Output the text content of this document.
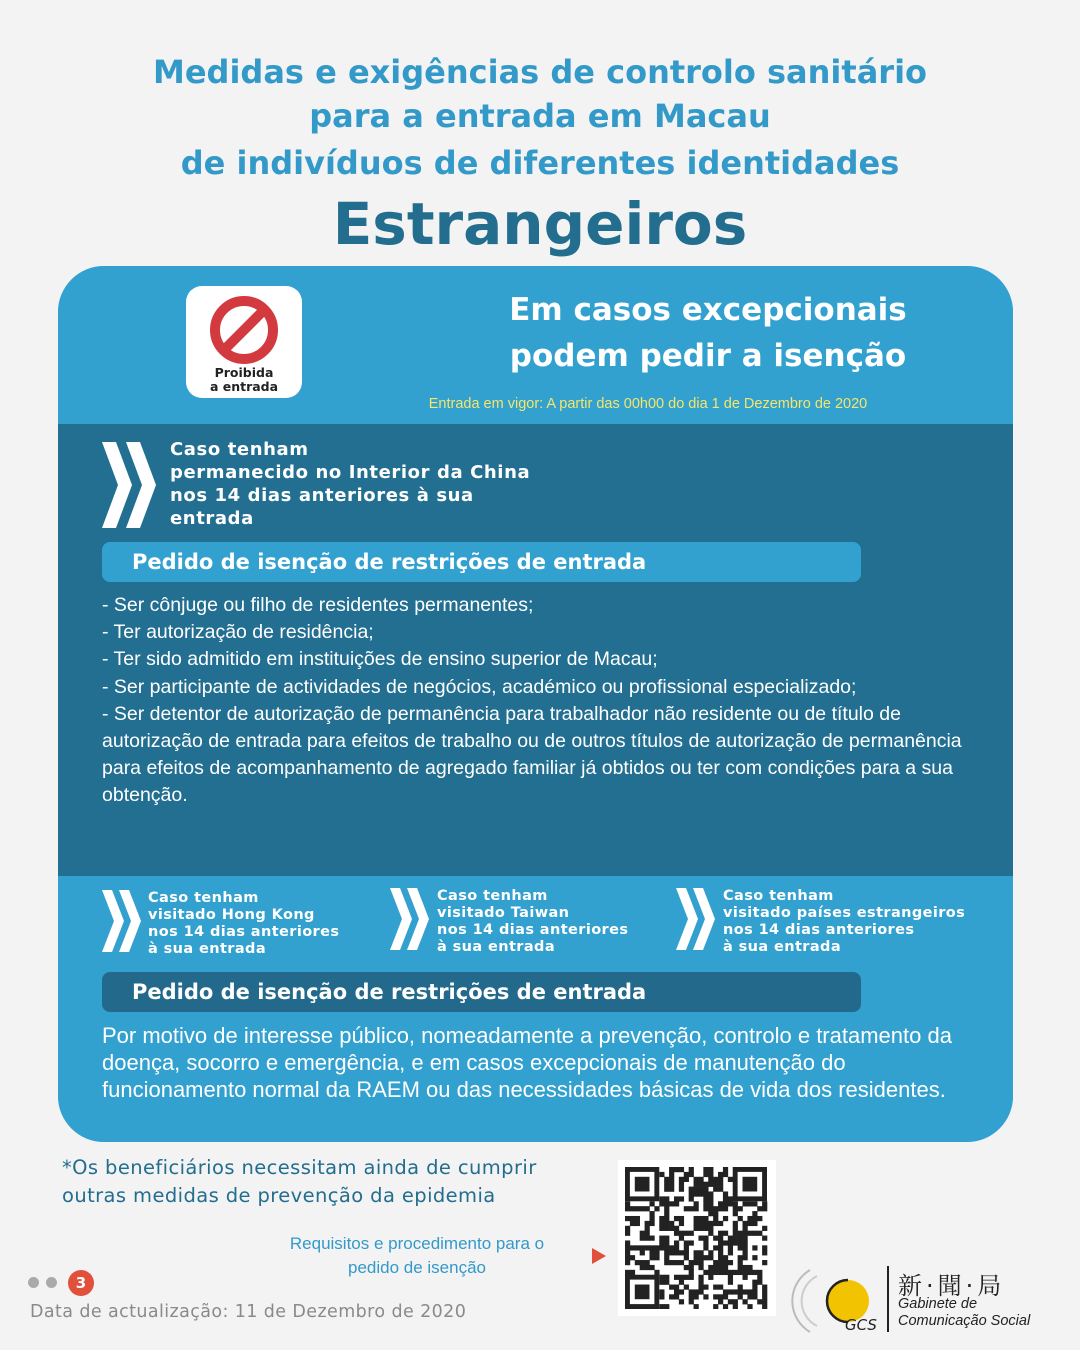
Medidas e exigências de controlo sanitário
para a entrada em Macau
de indivíduos de diferentes identidades
Estrangeiros
Proibida
a entrada
Em casos excepcionais
podem pedir a isenção
Entrada em vigor: A partir das 00h00 do dia 1 de Dezembro de 2020
Caso tenham
permanecido no Interior da China
nos 14 dias anteriores à sua
entrada
Pedido de isenção de restrições de entrada
- Ser cônjuge ou filho de residentes permanentes;
- Ter autorização de residência;
- Ter sido admitido em instituições de ensino superior de Macau;
- Ser participante de actividades de negócios, académico ou profissional especializado;
- Ser detentor de autorização de permanência para trabalhador não residente ou de título de autorização de entrada para efeitos de trabalho ou de outros títulos de autorização de permanência para efeitos de acompanhamento de agregado familiar já obtidos ou ter com condições para a sua obtenção.
Caso tenham
visitado Hong Kong
nos 14 dias anteriores
à sua entrada
Caso tenham
visitado Taiwan
nos 14 dias anteriores
à sua entrada
Caso tenham
visitado países estrangeiros
nos 14 dias anteriores
à sua entrada
Pedido de isenção de restrições de entrada
Por motivo de interesse público, nomeadamente a prevenção, controlo e tratamento da doença, socorro e emergência, e em casos excepcionais de manutenção do funcionamento normal da RAEM ou das necessidades básicas de vida dos residentes.
*Os beneficiários necessitam ainda de cumprir
outras medidas de prevenção da epidemia
Requisitos e procedimento para o
pedido de isenção
3
Data de actualização: 11 de Dezembro de 2020
GCS
新·聞·局
Gabinete de
Comunicação Social
